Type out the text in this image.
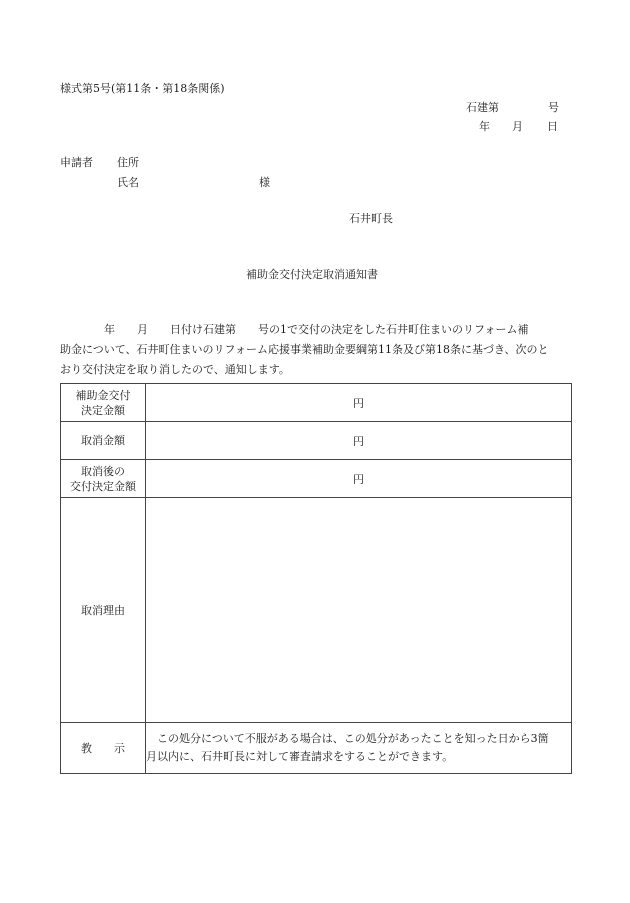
様式第5号(第11条・第18条関係)
石建第	号
年 月 日
申請者 住所
氏名	様
石井町長
補助金交付決定取消通知書
　　　　年　　月　　日付け石建第　　号の1で交付の決定をした石井町住まいのリフォーム補
助金について、石井町住まいのリフォーム応援事業補助金要綱第11条及び第18条に基づき、次のと
おり交付決定を取り消したので、通知します。
補助金交付
決定金額	円
取消金額	円

取消後の
交付決定金額	円
取消理由	
教　　示	　この処分について不服がある場合は、この処分があったことを知った日から3箇
月以内に、石井町長に対して審査請求をすることができます。
